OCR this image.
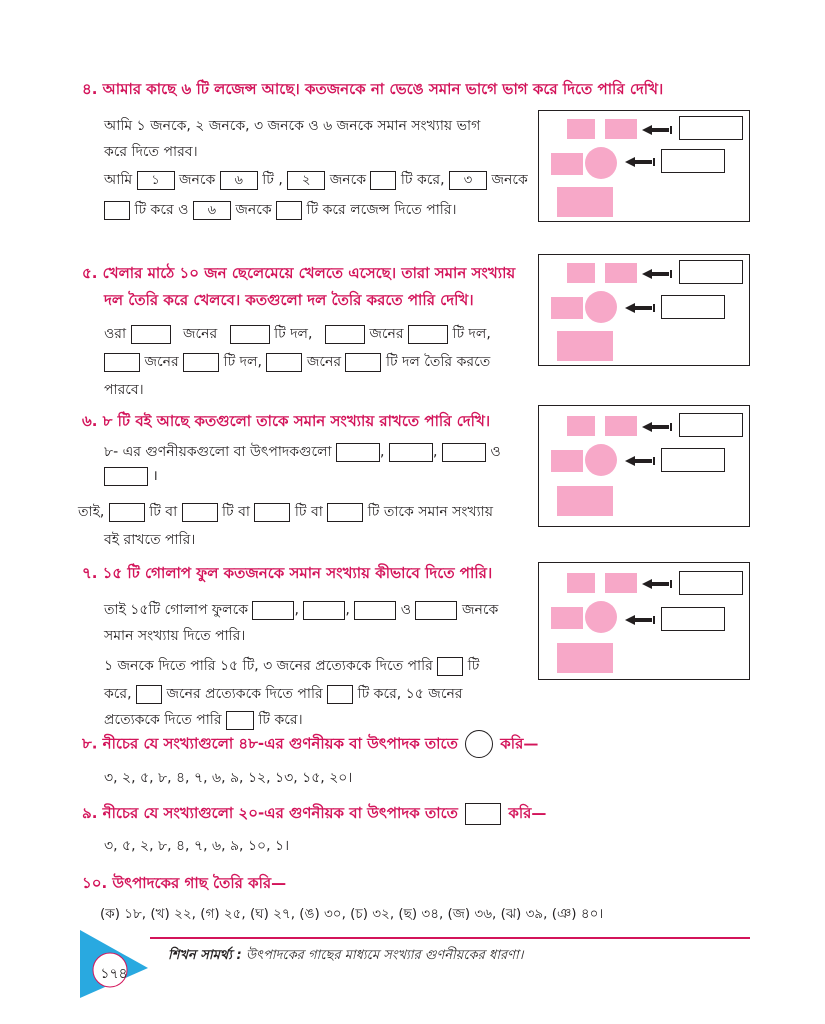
৪. আমার কাছে ৬ টি লজেন্স আছে। কতজনকে না ভেঙে সমান ভাগে ভাগ করে দিতে পারি দেখি।
আমি ১ জনকে, ২ জনকে, ৩ জনকে ও ৬ জনকে সমান সংখ্যায় ভাগ
করে দিতে পারব।
আমি ১ জনকে ৬ টি , ২ জনকে টি করে, ৩ জনকে
টি করে ও ৬ জনকে টি করে লজেন্স দিতে পারি।
৫. খেলার মাঠে ১০ জন ছেলেমেয়ে খেলতে এসেছে। তারা সমান সংখ্যায়
দল তৈরি করে খেলবে। কতগুলো দল তৈরি করতে পারি দেখি।
ওরা	জনের	টি দল,	জনের	টি দল,
জনের	টি দল,	জনের	টি দল তৈরি করতে
পারবে।
৬. ৮ টি বই আছে কতগুলো তাকে সমান সংখ্যায় রাখতে পারি দেখি।
৮- এর গুণনীয়কগুলো বা উৎপাদকগুলো	,	,	ও
।
তাই,	টি বা	টি বা	টি বা	টি তাকে সমান সংখ্যায়
বই রাখতে পারি।
৭. ১৫ টি গোলাপ ফুল কতজনকে সমান সংখ্যায় কীভাবে দিতে পারি।
তাই ১৫টি গোলাপ ফুলকে	,	,	ও	জনকে
সমান সংখ্যায় দিতে পারি।
১ জনকে দিতে পারি ১৫ টি, ৩ জনের প্রত্যেককে দিতে পারি টি
করে, জনের প্রত্যেককে দিতে পারি টি করে, ১৫ জনের
প্রত্যেককে দিতে পারি	টি করে।
৮. নীচের যে সংখ্যাগুলো ৪৮-এর গুণনীয়ক বা উৎপাদক তাতে	করি—
৩, ২, ৫, ৮, ৪, ৭, ৬, ৯, ১২, ১৩, ১৫, ২০।
৯. নীচের যে সংখ্যাগুলো ২০-এর গুণনীয়ক বা উৎপাদক তাতে	করি—
৩, ৫, ২, ৮, ৪, ৭, ৬, ৯, ১০, ১।
১০. উৎপাদকের গাছ তৈরি করি—
(ক) ১৮, (খ) ২২, (গ) ২৫, (ঘ) ২৭, (ঙ) ৩০, (চ) ৩২, (ছ) ৩৪, (জ) ৩৬, (ঝ) ৩৯, (ঞ) ৪০।
১৭৪
শিখন সামর্থ্য : উৎপাদকের গাছের মাধ্যমে সংখ্যার গুণনীয়কের ধারণা।
